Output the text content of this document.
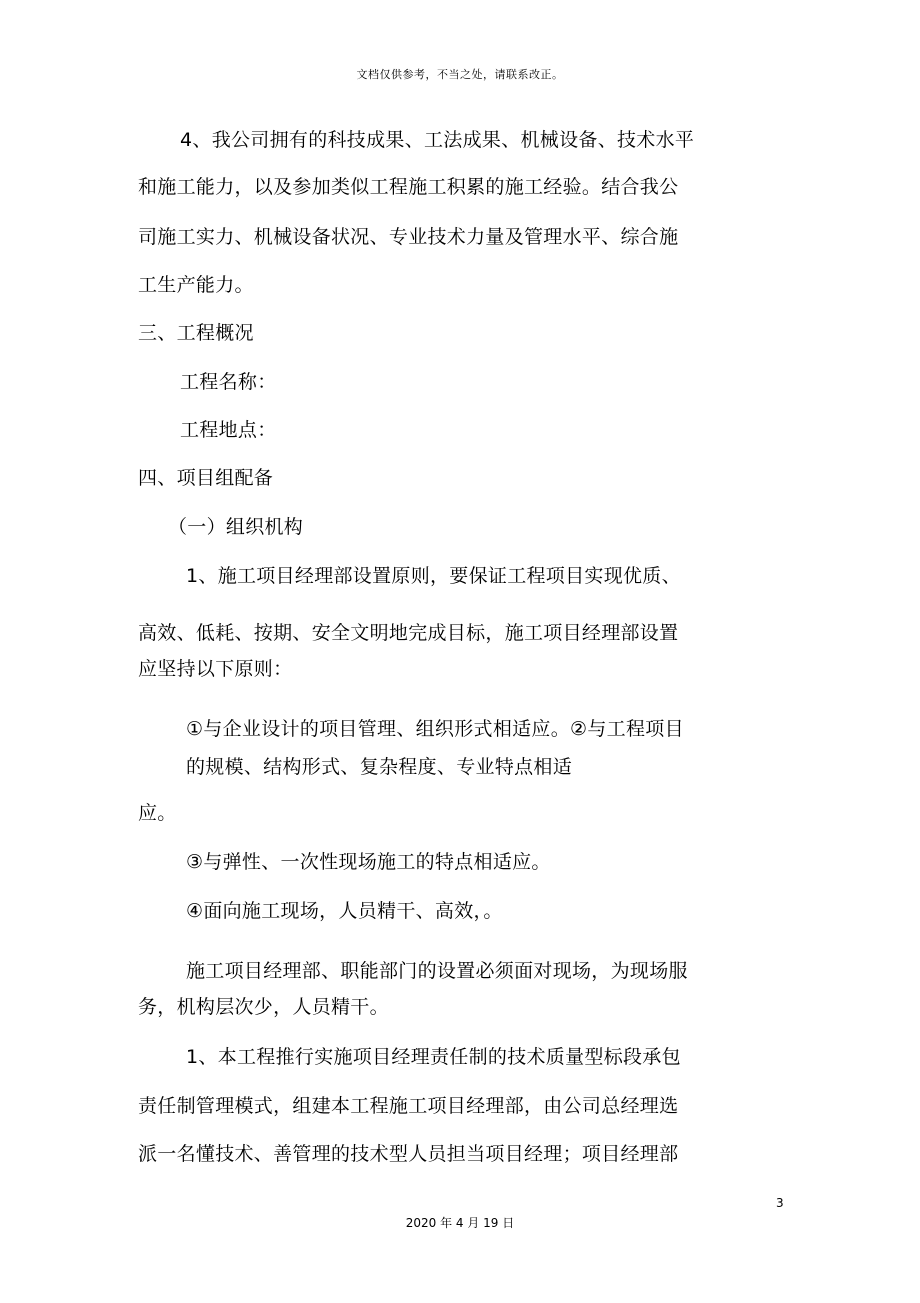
文档仅供参考，不当之处，请联系改正。
4、我公司拥有的科技成果、工法成果、机械设备、技术水平
和施工能力，以及参加类似工程施工积累的施工经验。结合我公
司施工实力、机械设备状况、专业技术力量及管理水平、综合施
工生产能力。
三、工程概况
工程名称：
工程地点：
四、项目组配备
（一）组织机构
1、施工项目经理部设置原则，要保证工程项目实现优质、
高效、低耗、按期、安全文明地完成目标，施工项目经理部设置
应坚持以下原则：
①与企业设计的项目管理、组织形式相适应。②与工程项目
的规模、结构形式、复杂程度、专业特点相适
应。
③与弹性、一次性现场施工的特点相适应。
④面向施工现场，人员精干、高效，。
施工项目经理部、职能部门的设置必须面对现场，为现场服
务，机构层次少，人员精干。
1、本工程推行实施项目经理责任制的技术质量型标段承包
责任制管理模式，组建本工程施工项目经理部，由公司总经理选
派一名懂技术、善管理的技术型人员担当项目经理；项目经理部
3
2020 年 4 月 19 日
